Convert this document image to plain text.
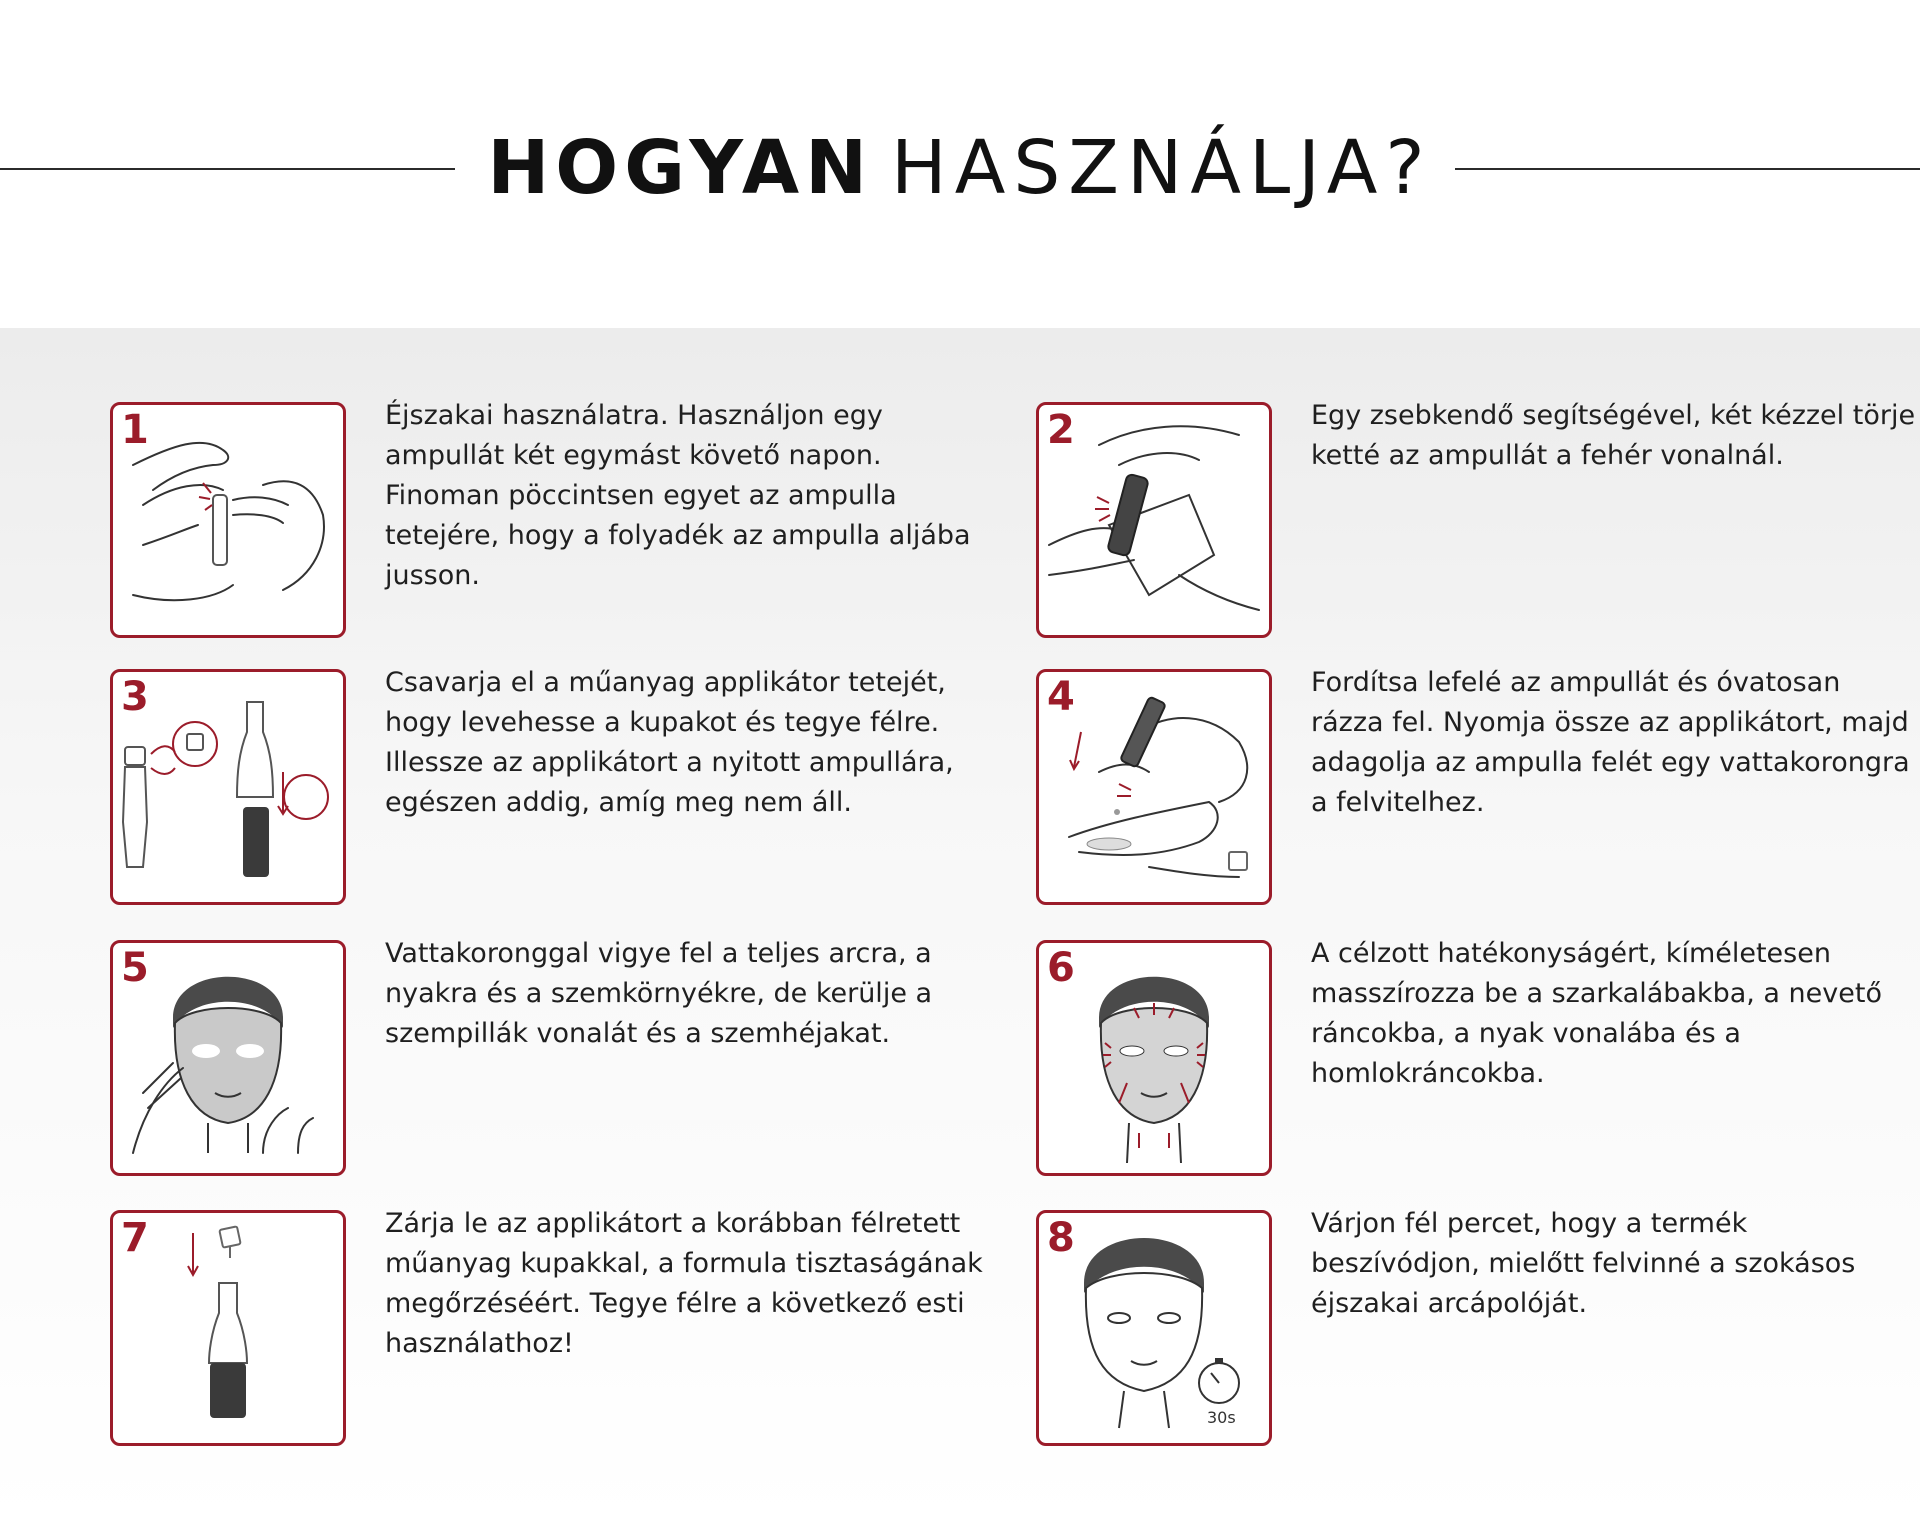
HOGYAN HASZNÁLJA?
1	Éjszakai használatra. Használjon egy ampullát két egymást követő napon. Finoman pöccintsen egyet az ampulla tetejére, hogy a folyadék az ampulla aljába jusson.
2	Egy zsebkendő segítségével, két kézzel törje ketté az ampullát a fehér vonalnál.
3	Csavarja el a műanyag applikátor tetejét, hogy levehesse a kupakot és tegye félre. Illessze az applikátort a nyitott ampullára, egészen addig, amíg meg nem áll.
4	Fordítsa lefelé az ampullát és óvatosan rázza fel. Nyomja össze az applikátort, majd adagolja az ampulla felét egy vattakorongra a felvitelhez.
5	Vattakoronggal vigye fel a teljes arcra, a nyakra és a szemkörnyékre, de kerülje a szempillák vonalát és a szemhéjakat.
6	A célzott hatékonyságért, kíméletesen masszírozza be a szarkalábakba, a nevető ráncokba, a nyak vonalába és a homlokráncokba.
7	Zárja le az applikátort a korábban félretett műanyag kupakkal, a formula tisztaságának megőrzéséért. Tegye félre a következő esti használathoz!
8
30s
Várjon fél percet, hogy a termék beszívódjon, mielőtt felvinné a szokásos éjszakai arcápolóját.
